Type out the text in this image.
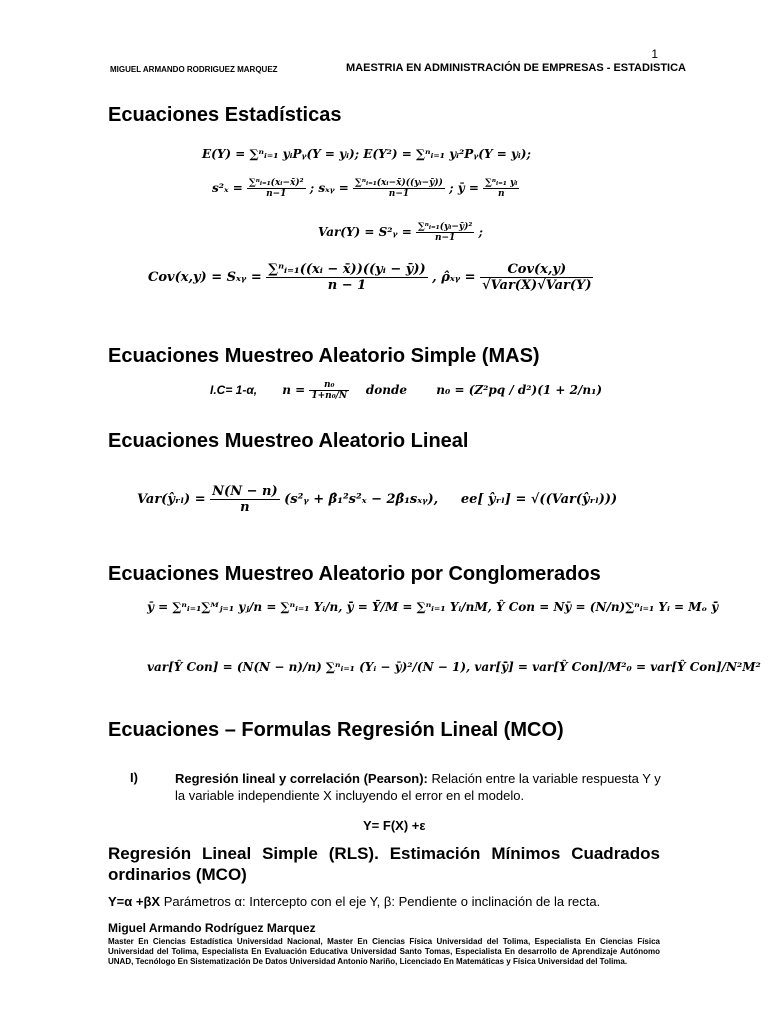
1
MIGUEL ARMANDO RODRIGUEZ MARQUEZ	MAESTRIA EN ADMINISTRACIÓN DE EMPRESAS - ESTADISTICA
Ecuaciones Estadísticas
E(Y) = ∑ⁿᵢ₌₁ yᵢPᵧ(Y = yᵢ); E(Y²) = ∑ⁿᵢ₌₁ yᵢ²Pᵧ(Y = yᵢ);
$s^2_x = \frac{\text{∑ⁿᵢ₌₁(xᵢ−x̄)²}}{n-1}$ ; sₓᵧ = $\frac{\text{∑ⁿᵢ₌₁(xᵢ−x̄)((yᵢ−ȳ))}}{n-1}$ ; ȳ = $\frac{\text{∑ⁿᵢ₌₁ yᵢ}}{n}$
Var(Y) = S²ᵧ = $\frac{\text{∑ⁿᵢ₌₁(yᵢ−ȳ)²}}{n-1}$ ;
Cov(x,y) = Sₓᵧ = $\frac{\text{∑ⁿᵢ₌₁((xᵢ − x̄))((yᵢ − ȳ))}}{n - 1}$ , ρ̂ₓᵧ = $\frac{\text{Cov(x,y)}}{\text{√Var(X)√Var(Y)}}$
Ecuaciones Muestreo Aleatorio Simple (MAS)
I.C= 1-α, $n = \frac{\text{n₀}}{\text{1+n₀/N}}$ donde n₀ = (Z²pq / d²)(1 + 2/n₁)
Ecuaciones Muestreo Aleatorio Lineal
Var(ŷᵣₗ) = $\frac{N(N - n)}{n}$ (s²ᵧ + β̂₁²s²ₓ − 2β̂₁sₓᵧ), ee[ ŷᵣₗ] = √((Var(ŷᵣₗ)))
Ecuaciones Muestreo Aleatorio por Conglomerados
ȳ = ∑ⁿᵢ₌₁∑ᴹⱼ₌₁ yⱼ/n = ∑ⁿᵢ₌₁ Yᵢ/n, ȳ̄ = Ȳ/M = ∑ⁿᵢ₌₁ Yᵢ/nM, Ŷ Con = Nȳ = (N/n)∑ⁿᵢ₌₁ Yᵢ = Mₒ ȳ̄
var[Ŷ Con] = (N(N − n)/n) ∑ⁿᵢ₌₁ (Yᵢ − ȳ)²/(N − 1), var[ȳ̄] = var[Ŷ Con]/M²₀ = var[Ŷ Con]/N²M²
Ecuaciones – Formulas Regresión Lineal (MCO)
I)	Regresión lineal y correlación (Pearson): Relación entre la variable respuesta Y y la variable independiente X incluyendo el error en el modelo.
Y= F(X) +ε
Regresión Lineal Simple (RLS). Estimación Mínimos Cuadrados ordinarios (MCO)
Y=α +βX Parámetros α: Intercepto con el eje Y, β: Pendiente o inclinación de la recta.
Miguel Armando Rodríguez Marquez
Master En Ciencias Estadística Universidad Nacional, Master En Ciencias Física Universidad del Tolima, Especialista En Ciencias Física Universidad del Tolima, Especialista En Evaluación Educativa Universidad Santo Tomas, Especialista En desarrollo de Aprendizaje Autónomo UNAD, Tecnólogo En Sistematización De Datos Universidad Antonio Nariño, Licenciado En Matemáticas y Física Universidad del Tolima.
